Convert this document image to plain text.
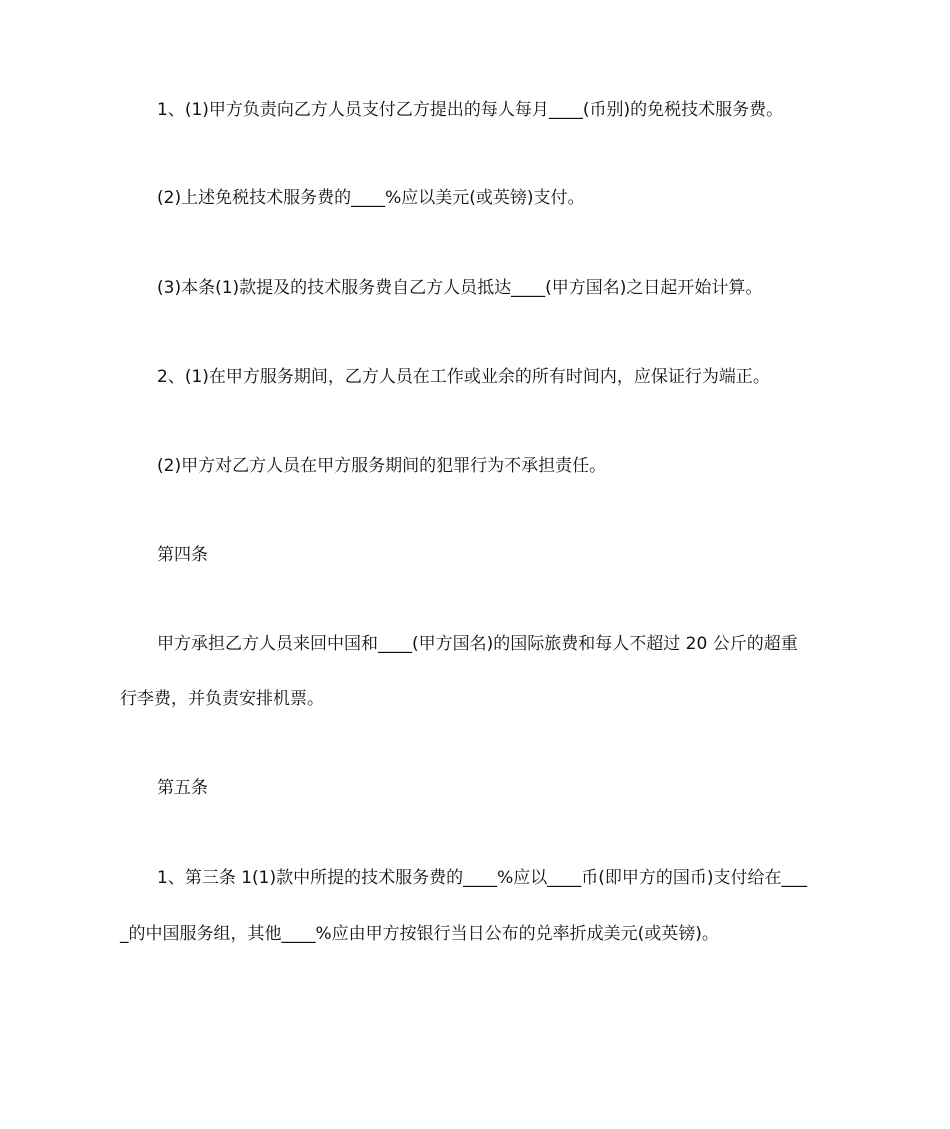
1、(1)甲方负责向乙方人员支付乙方提出的每人每月____(币别)的免税技术服务费。

(2)上述免税技术服务费的____%应以美元(或英镑)支付。

(3)本条(1)款提及的技术服务费自乙方人员抵达____(甲方国名)之日起开始计算。

2、(1)在甲方服务期间，乙方人员在工作或业余的所有时间内，应保证行为端正。

(2)甲方对乙方人员在甲方服务期间的犯罪行为不承担责任。

第四条

甲方承担乙方人员来回中国和____(甲方国名)的国际旅费和每人不超过 20 公斤的超重

行李费，并负责安排机票。

第五条

1、第三条 1(1)款中所提的技术服务费的____%应以____币(即甲方的国币)支付给在___

_的中国服务组，其他____%应由甲方按银行当日公布的兑率折成美元(或英镑)。
